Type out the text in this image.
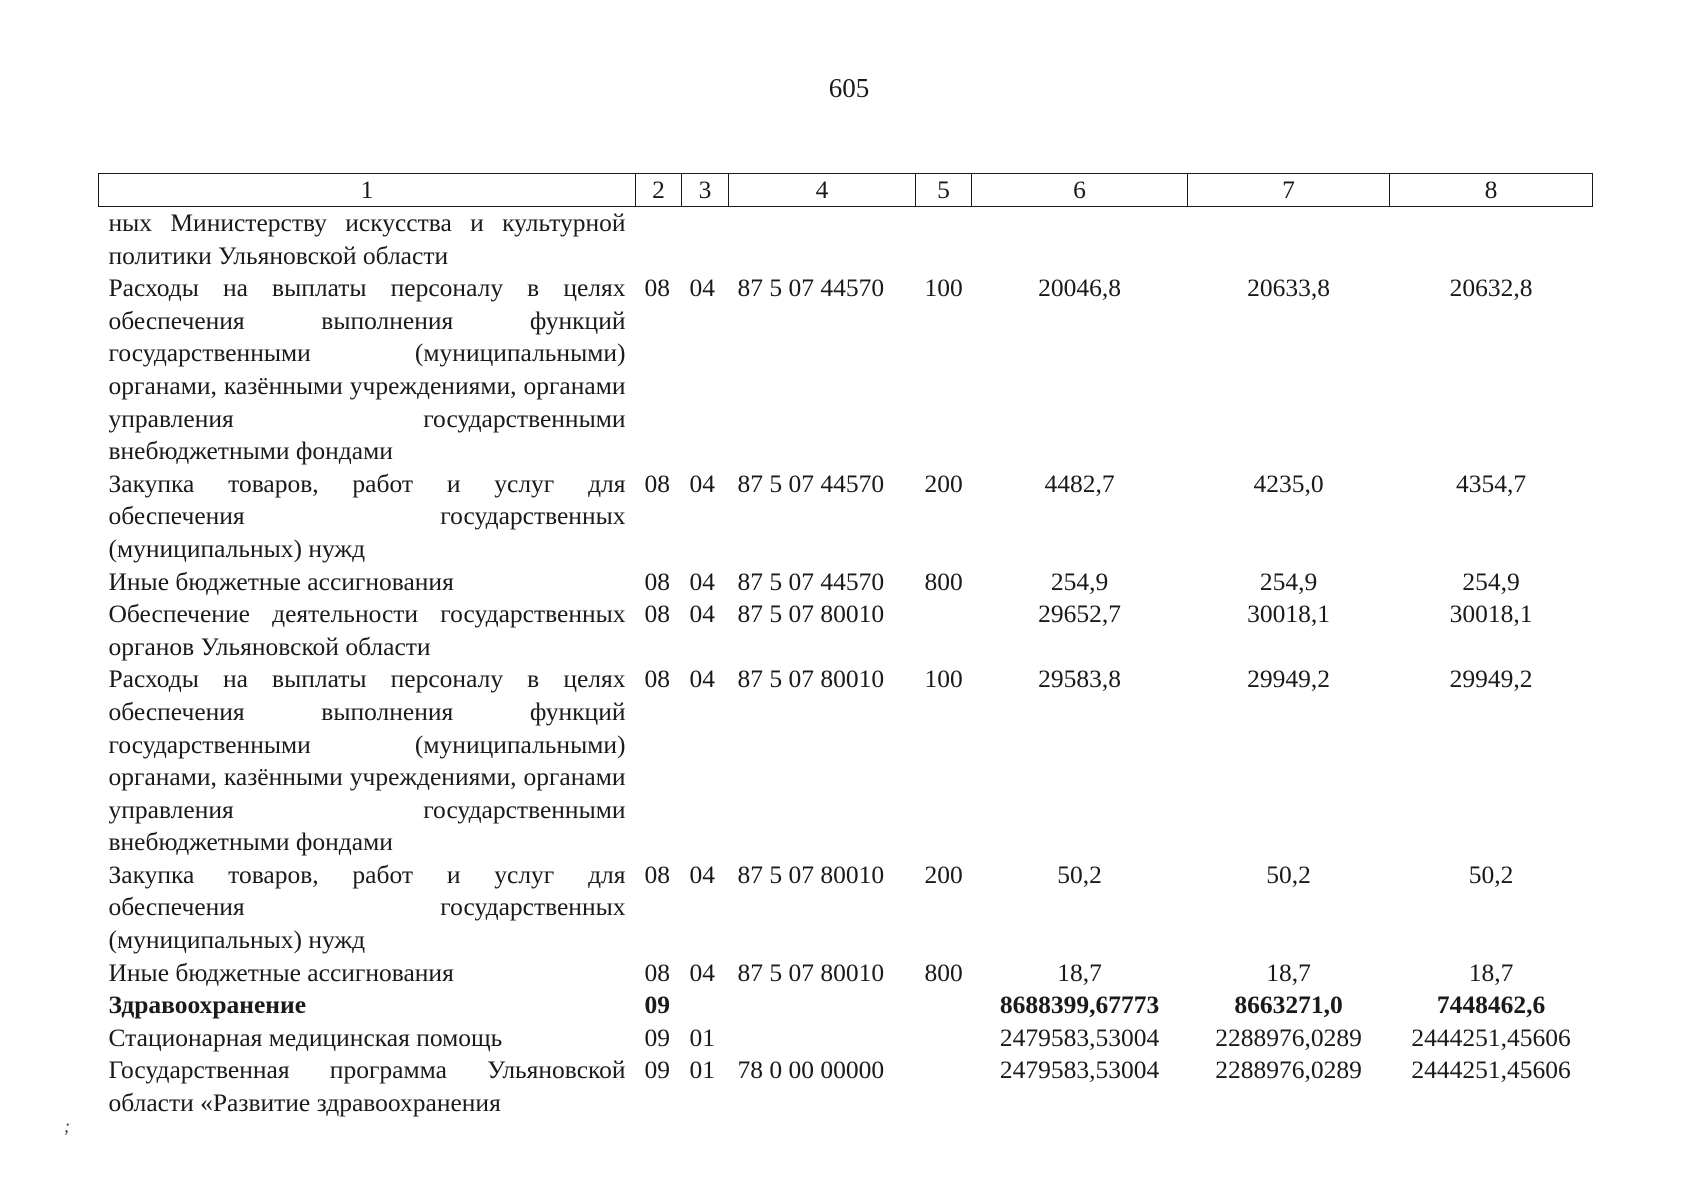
605
1	2	3	4	5	6	7	8
ных Министерству искусства и культурной политики Ульяновской области							
Расходы на выплаты персоналу в целях обеспечения выполнения функций государственными (муниципальными) органами, казёнными учреждениями, органами управления государственными внебюджетными фондами	08	04	87 5 07 44570	100	20046,8	20633,8	20632,8
Закупка товаров, работ и услуг для обеспечения государственных (муниципальных) нужд	08	04	87 5 07 44570	200	4482,7	4235,0	4354,7
Иные бюджетные ассигнования	08	04	87 5 07 44570	800	254,9	254,9	254,9
Обеспечение деятельности государственных органов Ульяновской области	08	04	87 5 07 80010		29652,7	30018,1	30018,1
Расходы на выплаты персоналу в целях обеспечения выполнения функций государственными (муниципальными) органами, казёнными учреждениями, органами управления государственными внебюджетными фондами	08	04	87 5 07 80010	100	29583,8	29949,2	29949,2
Закупка товаров, работ и услуг для обеспечения государственных (муниципальных) нужд	08	04	87 5 07 80010	200	50,2	50,2	50,2
Иные бюджетные ассигнования	08	04	87 5 07 80010	800	18,7	18,7	18,7
Здравоохранение	09				8688399,67773	8663271,0	7448462,6
Стационарная медицинская помощь	09	01			2479583,53004	2288976,0289	2444251,45606
Государственная программа Ульяновской области «Развитие здравоохранения	09	01	78 0 00 00000		2479583,53004	2288976,0289	2444251,45606
;
